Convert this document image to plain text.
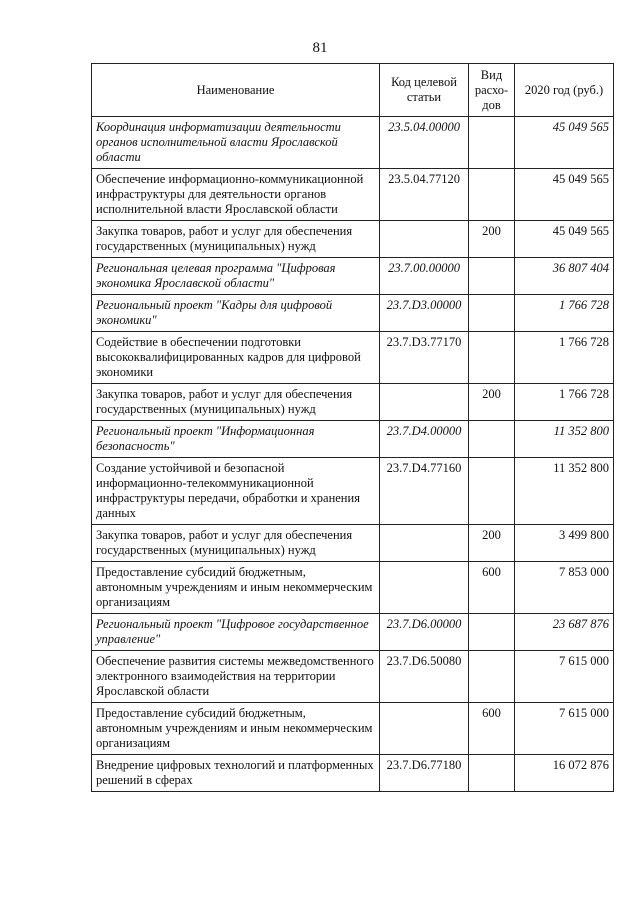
81
Наименование	Код целевой статьи	Вид расхо-дов	2020 год (руб.)
Координация информатизации деятельности органов исполнительной власти Ярославской области	23.5.04.00000		45 049 565
Обеспечение информационно-коммуникационной инфраструктуры для деятельности органов исполнительной власти Ярославской области	23.5.04.77120		45 049 565
Закупка товаров, работ и услуг для обеспечения государственных (муниципальных) нужд		200	45 049 565
Региональная целевая программа "Цифровая экономика Ярославской области"	23.7.00.00000		36 807 404
Региональный проект "Кадры для цифровой экономики"	23.7.D3.00000		1 766 728
Содействие в обеспечении подготовки высококвалифицированных кадров для цифровой экономики	23.7.D3.77170		1 766 728
Закупка товаров, работ и услуг для обеспечения государственных (муниципальных) нужд		200	1 766 728
Региональный проект "Информационная безопасность"	23.7.D4.00000		11 352 800
Создание устойчивой и безопасной информационно-телекоммуникационной инфраструктуры передачи, обработки и хранения данных	23.7.D4.77160		11 352 800
Закупка товаров, работ и услуг для обеспечения государственных (муниципальных) нужд		200	3 499 800
Предоставление субсидий бюджетным, автономным учреждениям и иным некоммерческим организациям		600	7 853 000
Региональный проект "Цифровое государственное управление"	23.7.D6.00000		23 687 876
Обеспечение развития системы межведомственного электронного взаимодействия на территории Ярославской области	23.7.D6.50080		7 615 000
Предоставление субсидий бюджетным, автономным учреждениям и иным некоммерческим организациям		600	7 615 000
Внедрение цифровых технологий и платформенных решений в сферах	23.7.D6.77180		16 072 876
